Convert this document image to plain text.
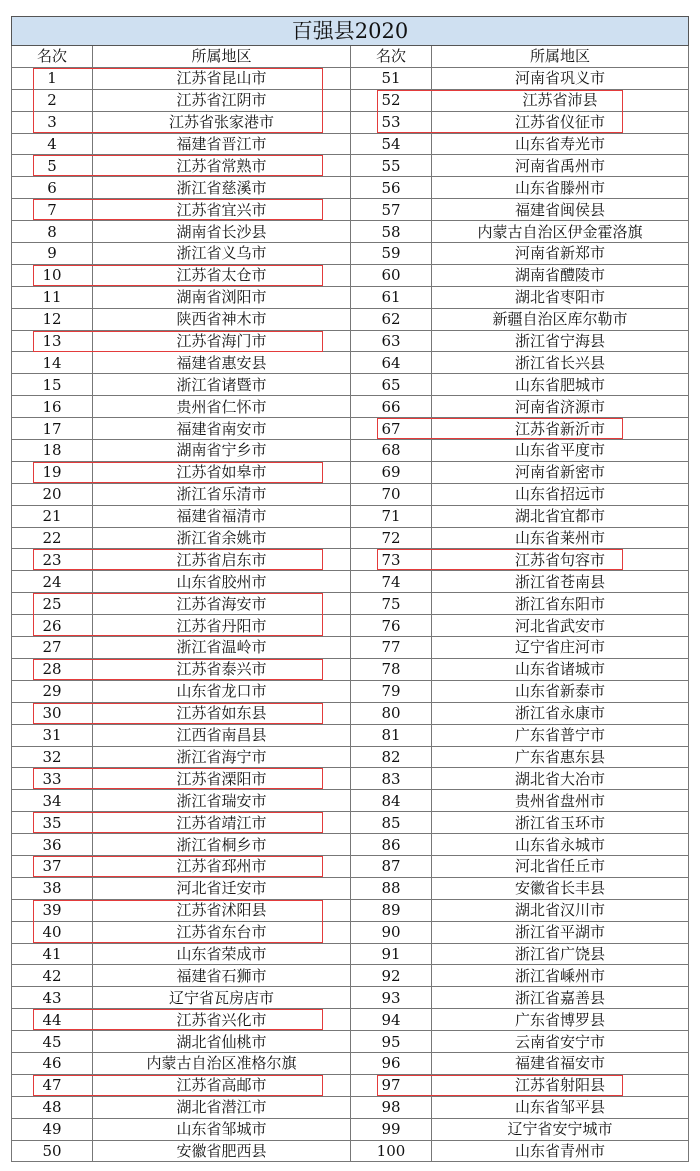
百强县2020			
名次	所属地区	名次	所属地区
1	江苏省昆山市	51	河南省巩义市
2	江苏省江阴市	52	江苏省沛县
3	江苏省张家港市	53	江苏省仪征市
4	福建省晋江市	54	山东省寿光市
5	江苏省常熟市	55	河南省禹州市
6	浙江省慈溪市	56	山东省滕州市
7	江苏省宜兴市	57	福建省闽侯县
8	湖南省长沙县	58	内蒙古自治区伊金霍洛旗
9	浙江省义乌市	59	河南省新郑市
10	江苏省太仓市	60	湖南省醴陵市
11	湖南省浏阳市	61	湖北省枣阳市
12	陕西省神木市	62	新疆自治区库尔勒市
13	江苏省海门市	63	浙江省宁海县
14	福建省惠安县	64	浙江省长兴县
15	浙江省诸暨市	65	山东省肥城市
16	贵州省仁怀市	66	河南省济源市
17	福建省南安市	67	江苏省新沂市
18	湖南省宁乡市	68	山东省平度市
19	江苏省如皋市	69	河南省新密市
20	浙江省乐清市	70	山东省招远市
21	福建省福清市	71	湖北省宜都市
22	浙江省余姚市	72	山东省莱州市
23	江苏省启东市	73	江苏省句容市
24	山东省胶州市	74	浙江省苍南县
25	江苏省海安市	75	浙江省东阳市
26	江苏省丹阳市	76	河北省武安市
27	浙江省温岭市	77	辽宁省庄河市
28	江苏省泰兴市	78	山东省诸城市
29	山东省龙口市	79	山东省新泰市
30	江苏省如东县	80	浙江省永康市
31	江西省南昌县	81	广东省普宁市
32	浙江省海宁市	82	广东省惠东县
33	江苏省溧阳市	83	湖北省大冶市
34	浙江省瑞安市	84	贵州省盘州市
35	江苏省靖江市	85	浙江省玉环市
36	浙江省桐乡市	86	山东省永城市
37	江苏省邳州市	87	河北省任丘市
38	河北省迁安市	88	安徽省长丰县
39	江苏省沭阳县	89	湖北省汉川市
40	江苏省东台市	90	浙江省平湖市
41	山东省荣成市	91	浙江省广饶县
42	福建省石狮市	92	浙江省嵊州市
43	辽宁省瓦房店市	93	浙江省嘉善县
44	江苏省兴化市	94	广东省博罗县
45	湖北省仙桃市	95	云南省安宁市
46	内蒙古自治区准格尔旗	96	福建省福安市
47	江苏省高邮市	97	江苏省射阳县
48	湖北省潜江市	98	山东省邹平县
49	山东省邹城市	99	辽宁省安宁城市
50	安徽省肥西县	100	山东省青州市
